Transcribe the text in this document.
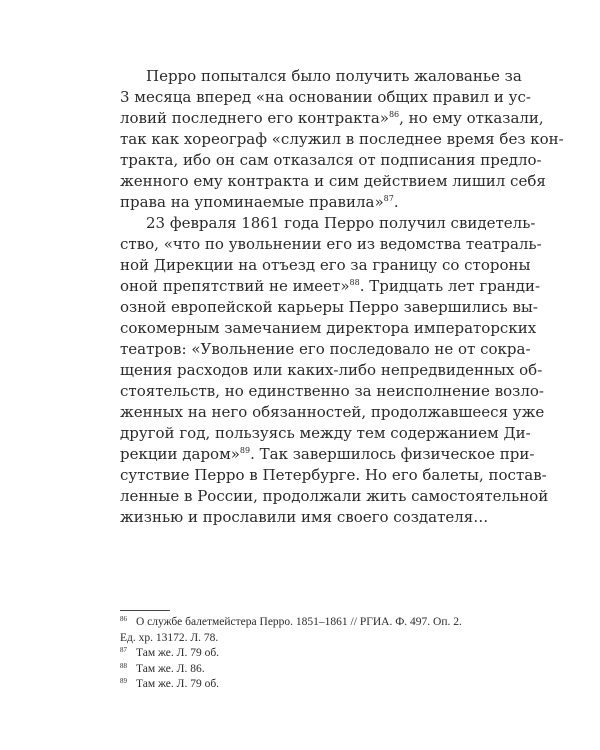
Перро попытался было получить жалованье за
3 месяца вперед «на основании общих правил и ус-
ловий последнего его контракта»$^{86}$, но ему отказали,
так как хореограф «служил в последнее время без кон-
тракта, ибо он сам отказался от подписания предло-
женного ему контракта и сим действием лишил себя
права на упоминаемые правила»$^{87}$.
23 февраля 1861 года Перро получил свидетель-
ство, «что по увольнении его из ведомства театраль-
ной Дирекции на отъезд его за границу со стороны
оной препятствий не имеет»$^{88}$. Тридцать лет гранди-
озной европейской карьеры Перро завершились вы-
сокомерным замечанием директора императорских
театров: «Увольнение его последовало не от сокра-
щения расходов или каких-либо непредвиденных об-
стоятельств, но единственно за неисполнение возло-
женных на него обязанностей, продолжавшееся уже
другой год, пользуясь между тем содержанием Ди-
рекции даром»$^{89}$. Так завершилось физическое при-
сутствие Перро в Петербурге. Но его балеты, постав-
ленные в России, продолжали жить самостоятельной
жизнью и прославили имя своего создателя…
86 О службе балетмейстера Перро. 1851–1861 // РГИА. Ф. 497. Оп. 2.
Ед. хр. 13172. Л. 78.
87 Там же. Л. 79 об.
88 Там же. Л. 86.
89 Там же. Л. 79 об.
